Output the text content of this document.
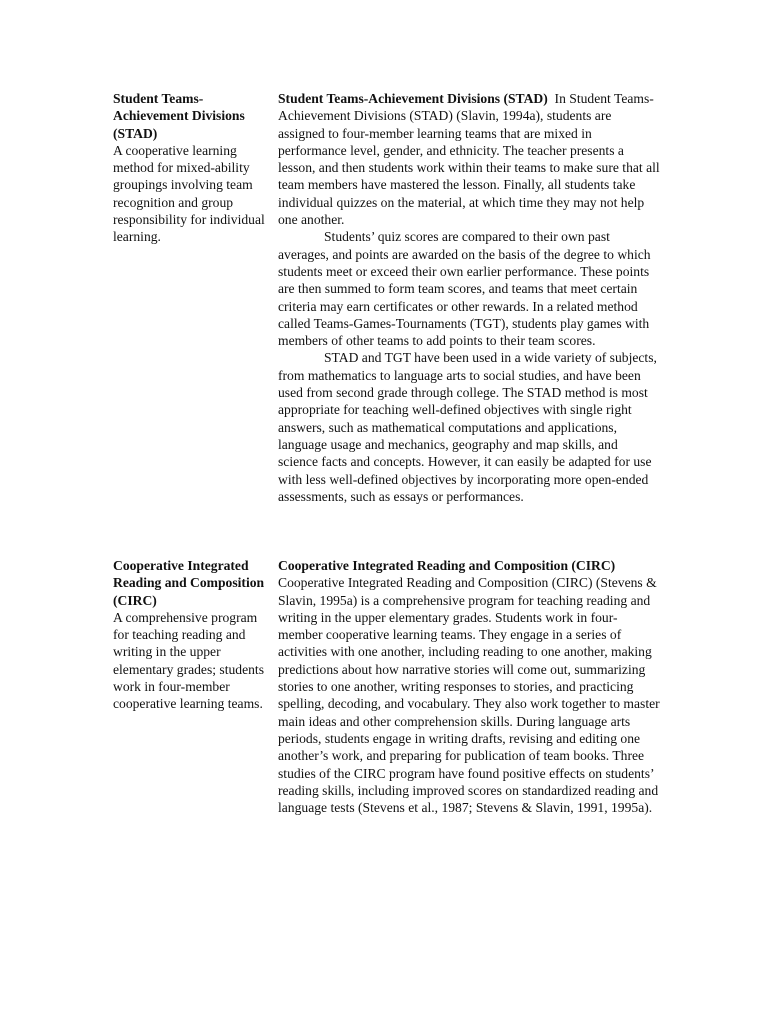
Student Teams-Achievement Divisions (STAD)

A cooperative learning method for mixed-ability groupings involving team recognition and group responsibility for individual learning.

Student Teams-Achievement Divisions (STAD) In Student Teams-Achievement Divisions (STAD) (Slavin, 1994a), students are assigned to four-member learning teams that are mixed in performance level, gender, and ethnicity. The teacher presents a lesson, and then students work within their teams to make sure that all team members have mastered the lesson. Finally, all students take individual quizzes on the material, at which time they may not help one another.

Students’ quiz scores are compared to their own past averages, and points are awarded on the basis of the degree to which students meet or exceed their own earlier performance. These points are then summed to form team scores, and teams that meet certain criteria may earn certificates or other rewards. In a related method called Teams-Games-Tournaments (TGT), students play games with members of other teams to add points to their team scores.

STAD and TGT have been used in a wide variety of subjects, from mathematics to language arts to social studies, and have been used from second grade through college. The STAD method is most appropriate for teaching well-defined objectives with single right answers, such as mathematical computations and applications, language usage and mechanics, geography and map skills, and science facts and concepts. However, it can easily be adapted for use with less well-defined objectives by incorporating more open-ended assessments, such as essays or performances.

Cooperative Integrated Reading and Composition (CIRC)

A comprehensive program for teaching reading and writing in the upper elementary grades; students work in four-member cooperative learning teams.

Cooperative Integrated Reading and Composition (CIRC)
Cooperative Integrated Reading and Composition (CIRC) (Stevens & Slavin, 1995a) is a comprehensive program for teaching reading and writing in the upper elementary grades. Students work in four-member cooperative learning teams. They engage in a series of activities with one another, including reading to one another, making predictions about how narrative stories will come out, summarizing stories to one another, writing responses to stories, and practicing spelling, decoding, and vocabulary. They also work together to master main ideas and other comprehension skills. During language arts periods, students engage in writing drafts, revising and editing one another’s work, and preparing for publication of team books. Three studies of the CIRC program have found positive effects on students’ reading skills, including improved scores on standardized reading and language tests (Stevens et al., 1987; Stevens & Slavin, 1991, 1995a).
